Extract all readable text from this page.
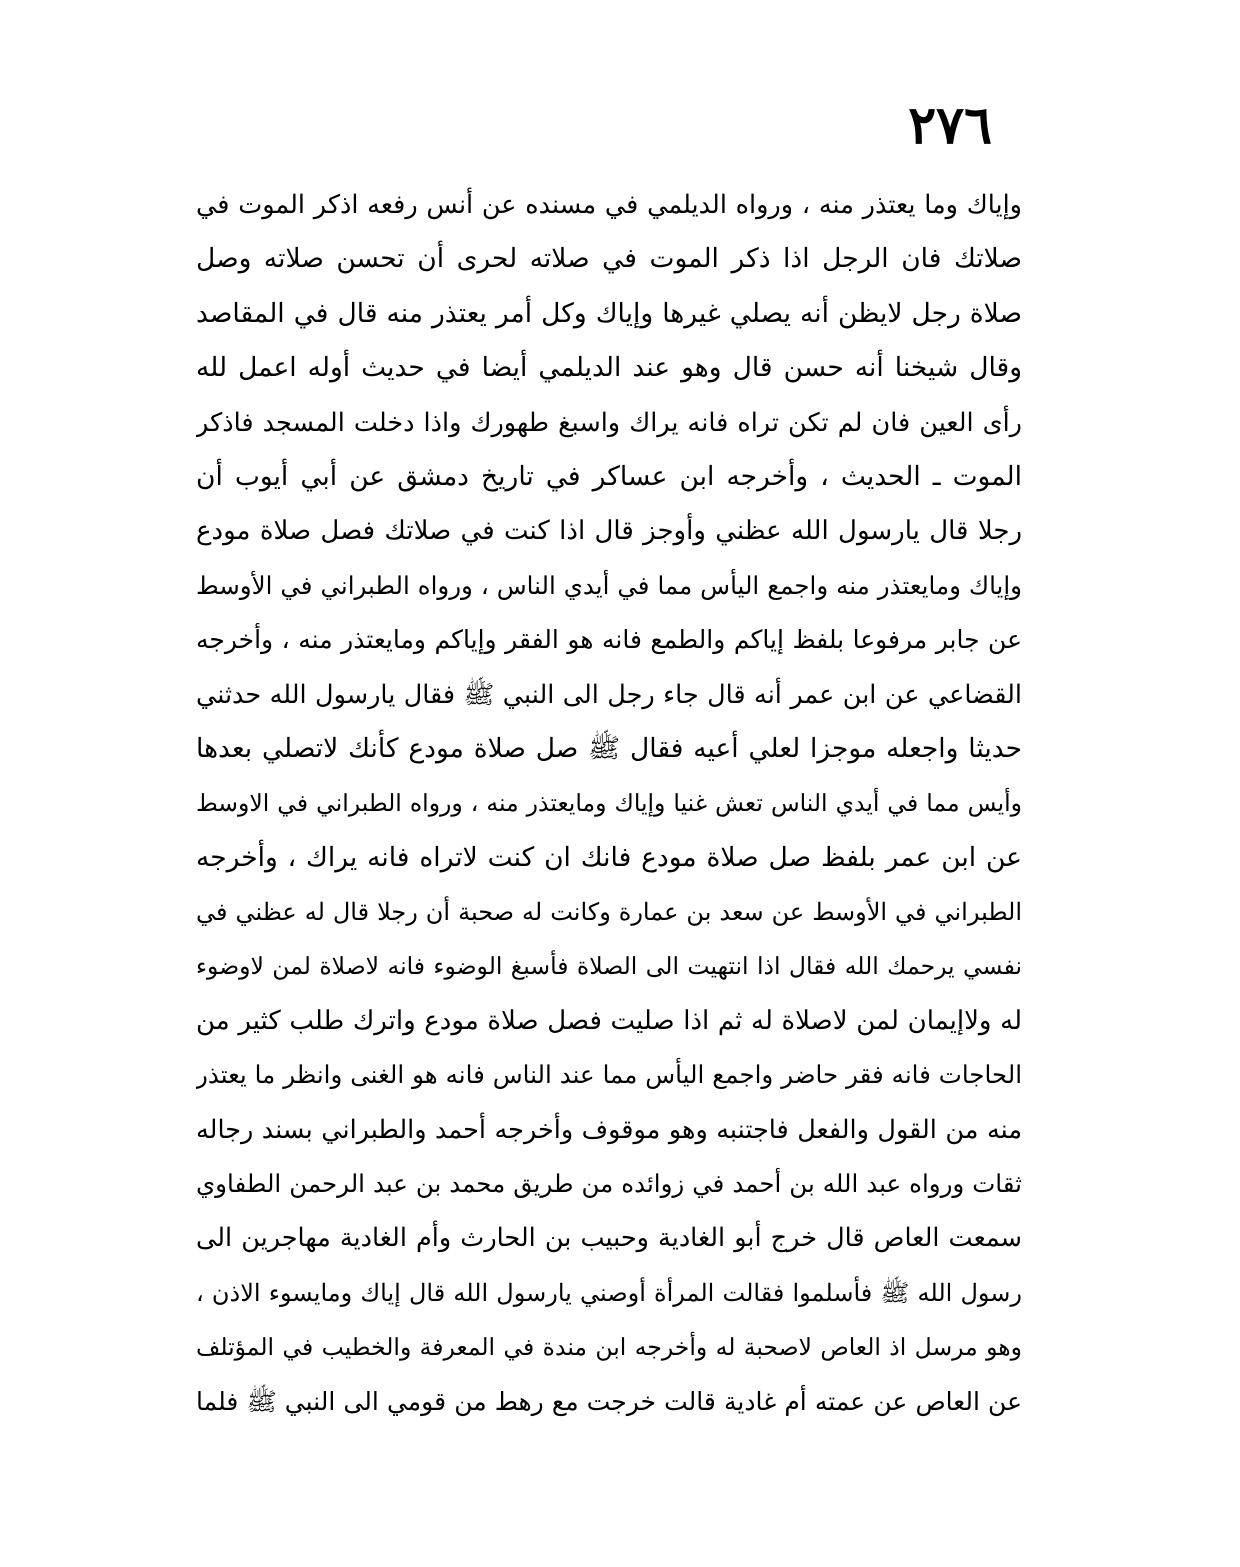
٢٧٦
وإياك وما يعتذر منه ، ورواه الديلمي في مسنده عن أنس رفعه اذكر الموت في
صلاتك فان الرجل اذا ذكر الموت في صلاته لحرى أن تحسن صلاته وصل
صلاة رجل لايظن أنه يصلي غيرها وإياك وكل أمر يعتذر منه قال في المقاصد
وقال شيخنا أنه حسن قال وهو عند الديلمي أيضا في حديث أوله اعمل لله
رأى العين فان لم تكن تراه فانه يراك واسبغ طهورك واذا دخلت المسجد فاذكر
الموت ـ الحديث ، وأخرجه ابن عساكر في تاريخ دمشق عن أبي أيوب أن
رجلا قال يارسول الله عظني وأوجز قال اذا كنت في صلاتك فصل صلاة مودع
وإياك ومايعتذر منه واجمع اليأس مما في أيدي الناس ، ورواه الطبراني في الأوسط
عن جابر مرفوعا بلفظ إياكم والطمع فانه هو الفقر وإياكم ومايعتذر منه ، وأخرجه
القضاعي عن ابن عمر أنه قال جاء رجل الى النبي ﷺ فقال يارسول الله حدثني
حديثا واجعله موجزا لعلي أعيه فقال ﷺ صل صلاة مودع كأنك لاتصلي بعدها
وأيس مما في أيدي الناس تعش غنيا وإياك ومايعتذر منه ، ورواه الطبراني في الاوسط
عن ابن عمر بلفظ صل صلاة مودع فانك ان كنت لاتراه فانه يراك ، وأخرجه
الطبراني في الأوسط عن سعد بن عمارة وكانت له صحبة أن رجلا قال له عظني في
نفسي يرحمك الله فقال اذا انتهيت الى الصلاة فأسبغ الوضوء فانه لاصلاة لمن لاوضوء
له ولاإيمان لمن لاصلاة له ثم اذا صليت فصل صلاة مودع واترك طلب كثير من
الحاجات فانه فقر حاضر واجمع اليأس مما عند الناس فانه هو الغنى وانظر ما يعتذر
منه من القول والفعل فاجتنبه وهو موقوف وأخرجه أحمد والطبراني بسند رجاله
ثقات ورواه عبد الله بن أحمد في زوائده من طريق محمد بن عبد الرحمن الطفاوي
سمعت العاص قال خرج أبو الغادية وحبيب بن الحارث وأم الغادية مهاجرين الى
رسول الله ﷺ فأسلموا فقالت المرأة أوصني يارسول الله قال إياك ومايسوء الاذن ،
وهو مرسل اذ العاص لاصحبة له وأخرجه ابن مندة في المعرفة والخطيب في المؤتلف
عن العاص عن عمته أم غادية قالت خرجت مع رهط من قومي الى النبي ﷺ فلما
